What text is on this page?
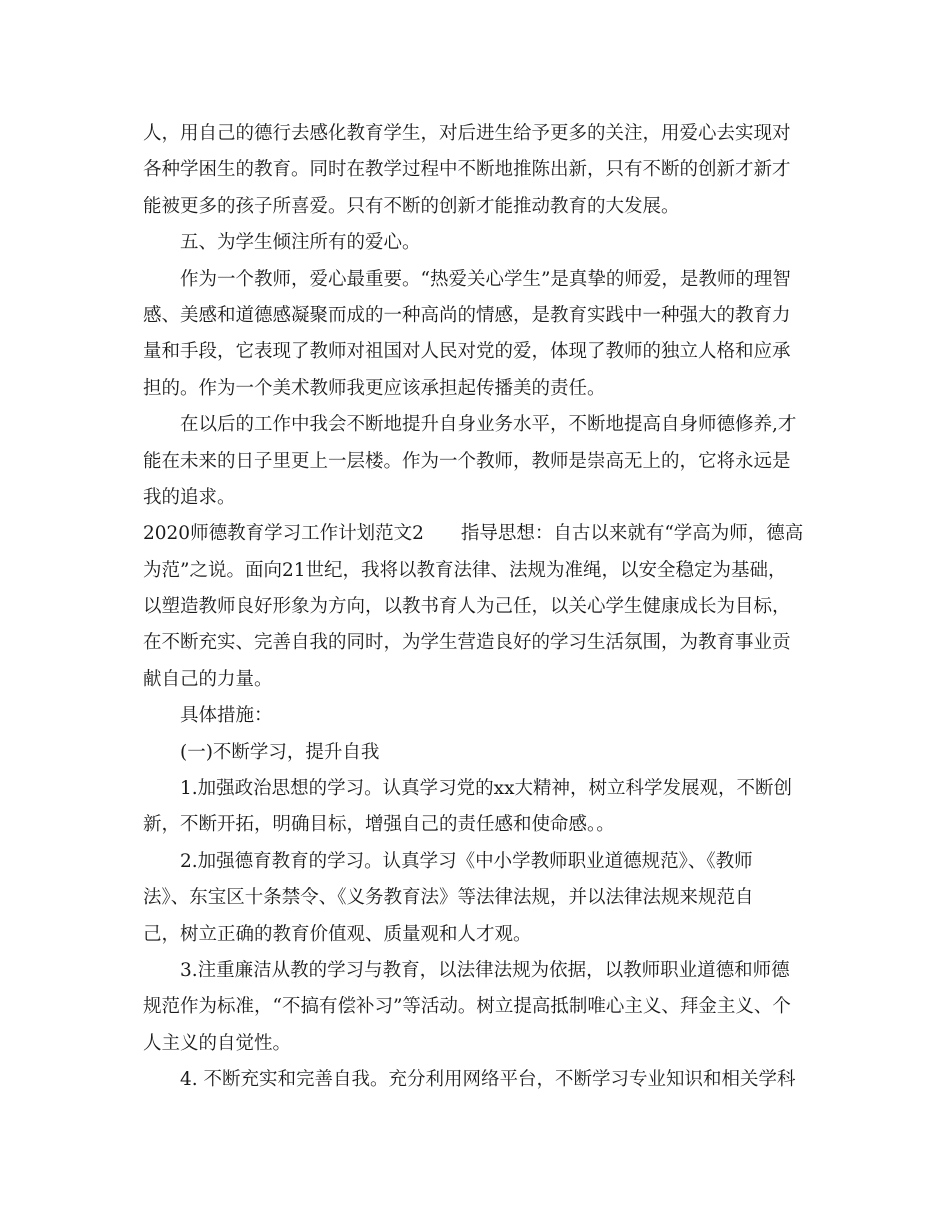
人，用自己的德行去感化教育学生，对后进生给予更多的关注，用爱心去实现对
各种学困生的教育。同时在教学过程中不断地推陈出新，只有不断的创新才新才
能被更多的孩子所喜爱。只有不断的创新才能推动教育的大发展。
五、为学生倾注所有的爱心。
作为一个教师，爱心最重要。“热爱关心学生”是真挚的师爱，是教师的理智
感、美感和道德感凝聚而成的一种高尚的情感，是教育实践中一种强大的教育力
量和手段，它表现了教师对祖国对人民对党的爱，体现了教师的独立人格和应承
担的。作为一个美术教师我更应该承担起传播美的责任。
在以后的工作中我会不断地提升自身业务水平，不断地提高自身师德修养,才
能在未来的日子里更上一层楼。作为一个教师，教师是崇高无上的，它将永远是
我的追求。
2020师德教育学习工作计划范文2　　指导思想：自古以来就有“学高为师，德高
为范”之说。面向21世纪，我将以教育法律、法规为准绳，以安全稳定为基础，
以塑造教师良好形象为方向，以教书育人为己任，以关心学生健康成长为目标，
在不断充实、完善自我的同时，为学生营造良好的学习生活氛围，为教育事业贡
献自己的力量。
具体措施：
(一)不断学习，提升自我
1.加强政治思想的学习。认真学习党的xx大精神，树立科学发展观，不断创
新，不断开拓，明确目标，增强自己的责任感和使命感。。
2.加强德育教育的学习。认真学习《中小学教师职业道德规范》、《教师
法》、东宝区十条禁令、《义务教育法》等法律法规，并以法律法规来规范自
己，树立正确的教育价值观、质量观和人才观。
3.注重廉洁从教的学习与教育，以法律法规为依据，以教师职业道德和师德
规范作为标准，“不搞有偿补习”等活动。树立提高抵制唯心主义、拜金主义、个
人主义的自觉性。
4. 不断充实和完善自我。充分利用网络平台，不断学习专业知识和相关学科
